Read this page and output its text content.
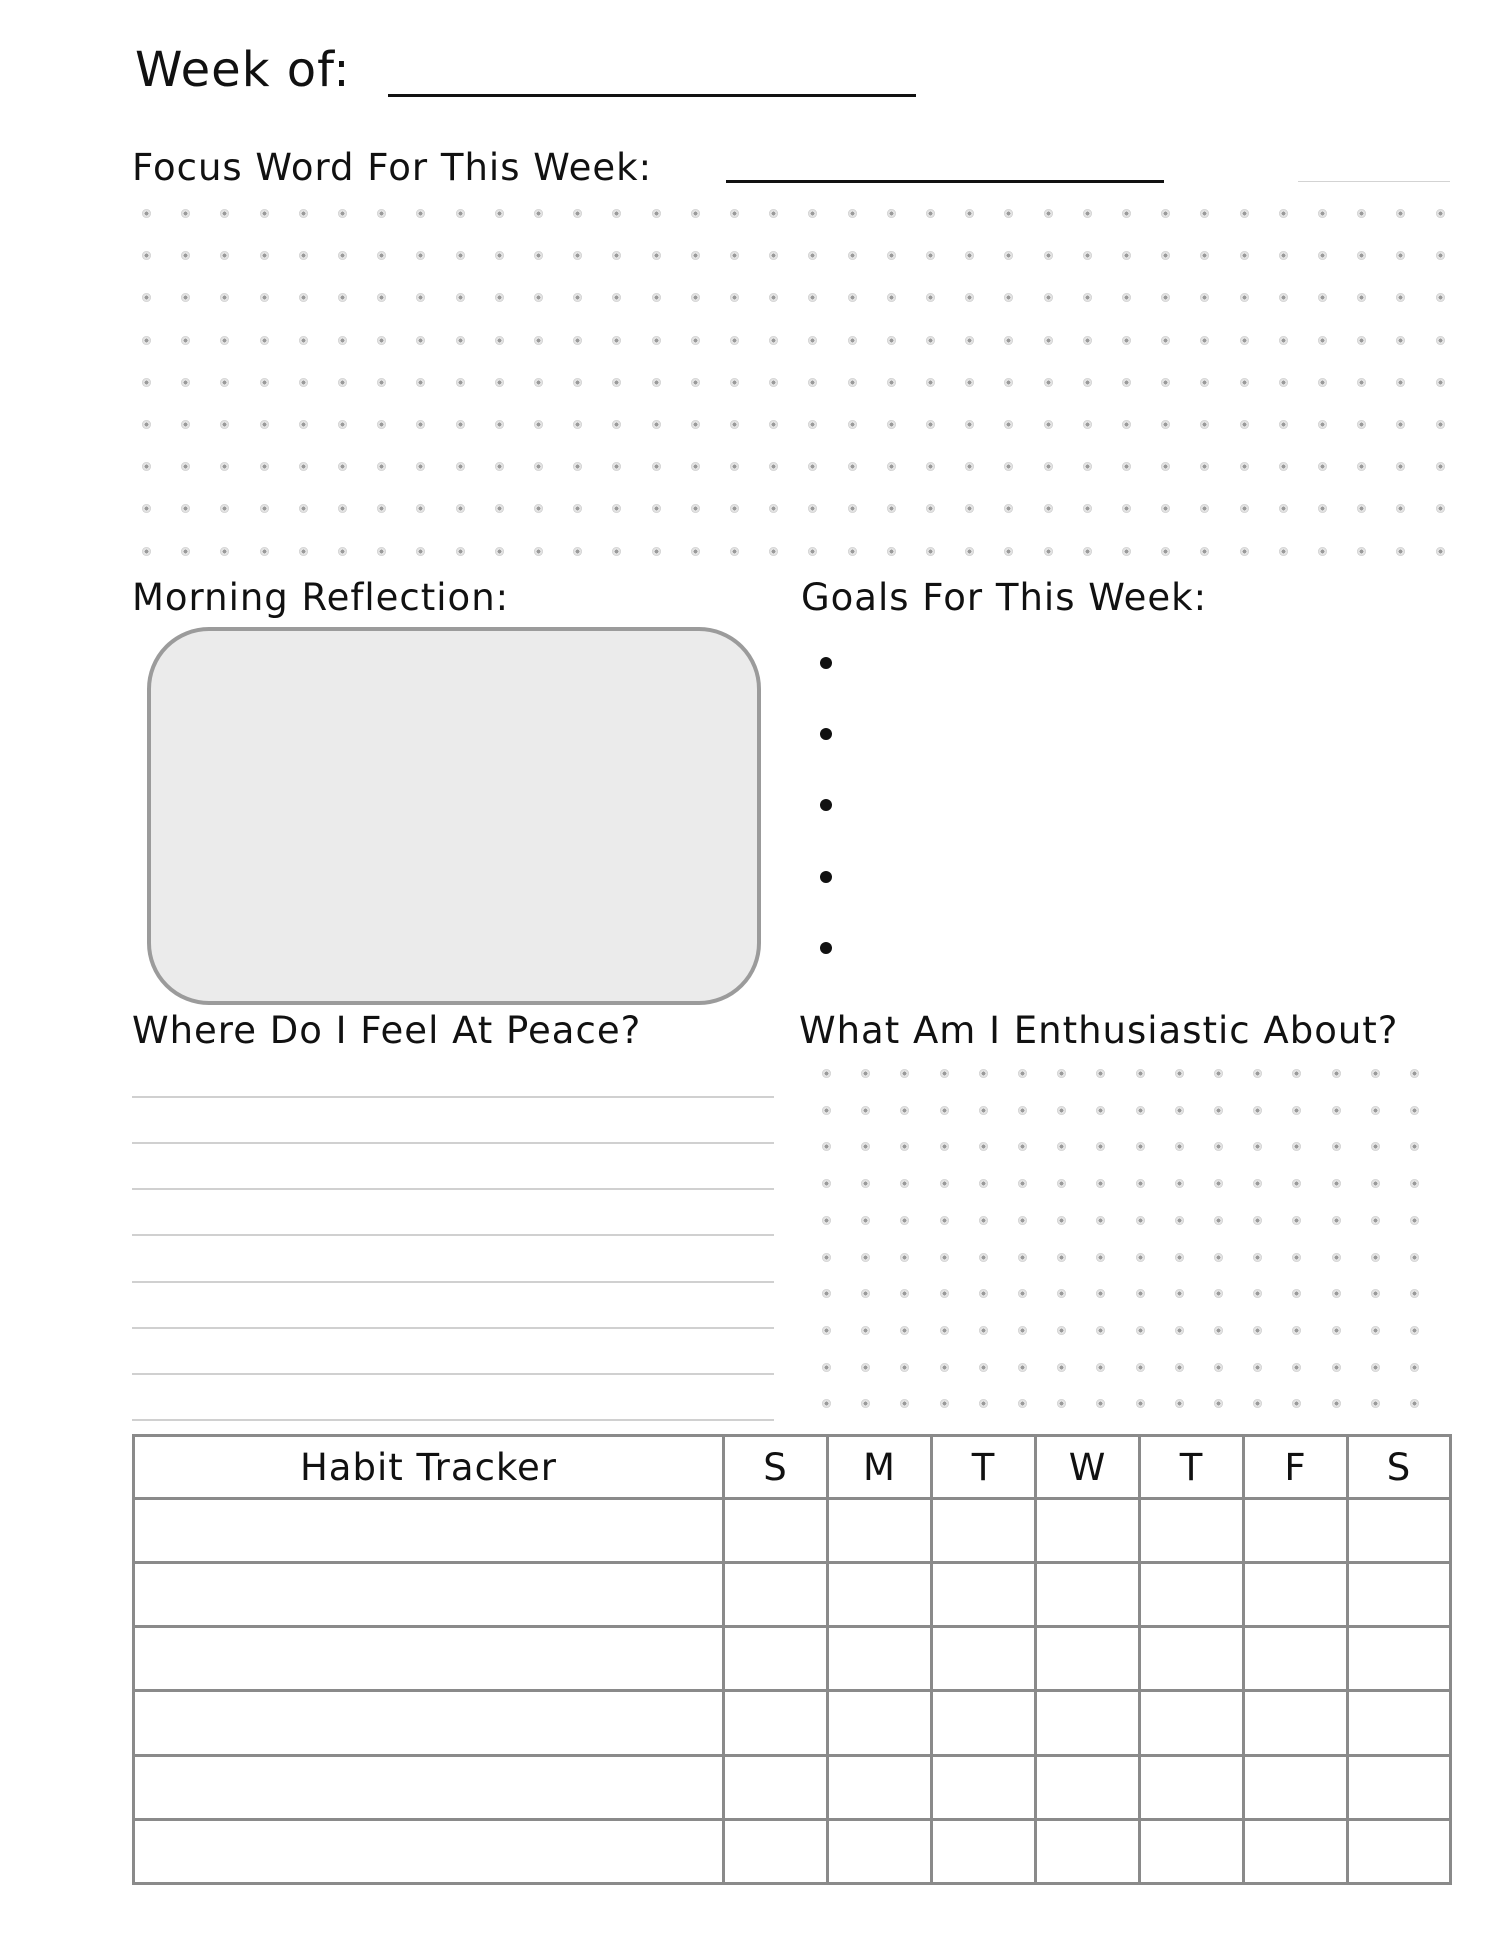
Week of:
Focus Word For This Week:
Morning Reflection:	Goals For This Week:
Where Do I Feel At Peace?	What Am I Enthusiastic About?
Habit Tracker	S	M	T	W	T	F	S
